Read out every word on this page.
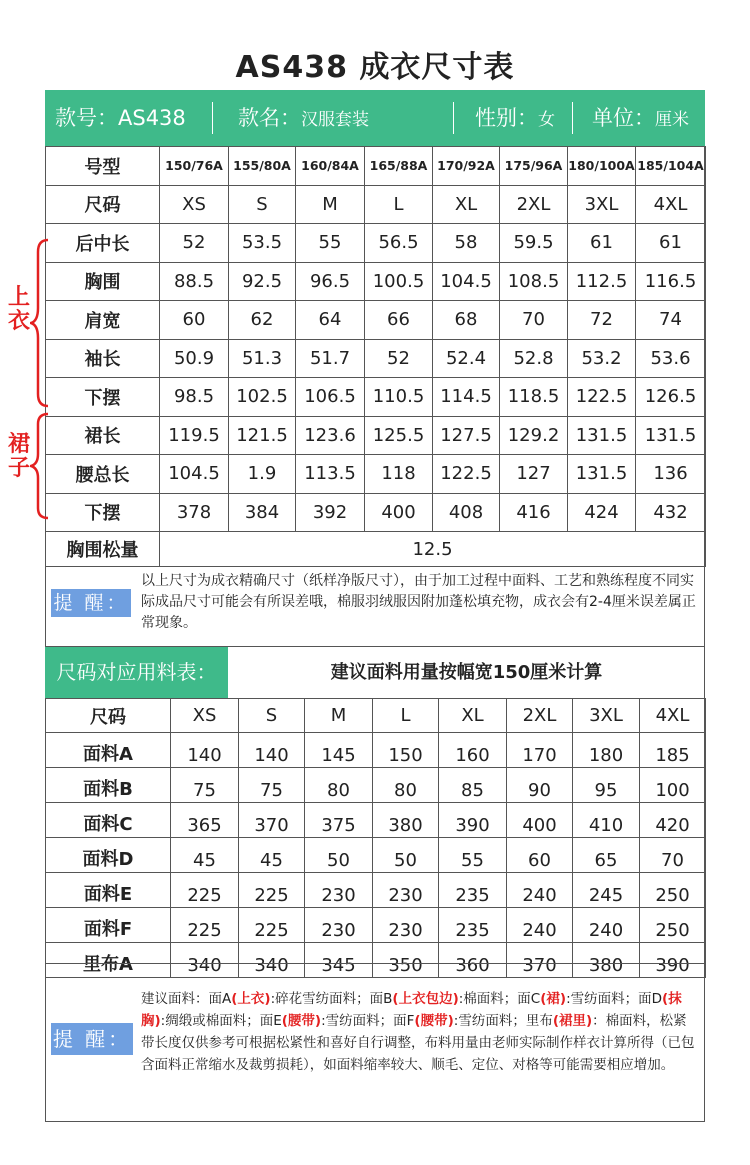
AS438 成衣尺寸表
款号：AS438 款名：汉服套装	性别：女 单位：厘米
号型	150/76A	155/80A	160/84A	165/88A	170/92A	175/96A	180/100A	185/104A
尺码	XS	S	M	L	XL	2XL	3XL	4XL
后中长	52	53.5	55	56.5	58	59.5	61	61
胸围	88.5	92.5	96.5	100.5	104.5	108.5	112.5	116.5
肩宽	60	62	64	66	68	70	72	74
袖长	50.9	51.3	51.7	52	52.4	52.8	53.2	53.6
下摆	98.5	102.5	106.5	110.5	114.5	118.5	122.5	126.5
裙长	119.5	121.5	123.6	125.5	127.5	129.2	131.5	131.5
腰总长	104.5	1.9	113.5	118	122.5	127	131.5	136
下摆	378	384	392	400	408	416	424	432
胸围松量	12.5							
上
衣
裙
子
提 醒：
以上尺寸为成衣精确尺寸（纸样净版尺寸），由于加工过程中面料、工艺和熟练程度不同实际成品尺寸可能会有所误差哦，棉服羽绒服因附加蓬松填充物，成衣会有2-4厘米误差属正常现象。
尺码对应用料表：	建议面料用量按幅宽150厘米计算
尺码	XS	S	M	L	XL	2XL	3XL	4XL
面料A	140	140	145	150	160	170	180	185
面料B	75	75	80	80	85	90	95	100
面料C	365	370	375	380	390	400	410	420
面料D	45	45	50	50	55	60	65	70
面料E	225	225	230	230	235	240	245	250
面料F	225	225	230	230	235	240	240	250
里布A	340	340	345	350	360	370	380	390
提 醒：
建议面料：面A(上衣):碎花雪纺面料；面B(上衣包边):棉面料；面C(裙):雪纺面料；面D(抹胸):绸缎或棉面料；面E(腰带):雪纺面料；面F(腰带):雪纺面料；里布(裙里)：棉面料，松紧带长度仅供参考可根据松紧性和喜好自行调整，布料用量由老师实际制作样衣计算所得（已包含面料正常缩水及裁剪损耗），如面料缩率较大、顺毛、定位、对格等可能需要相应增加。
